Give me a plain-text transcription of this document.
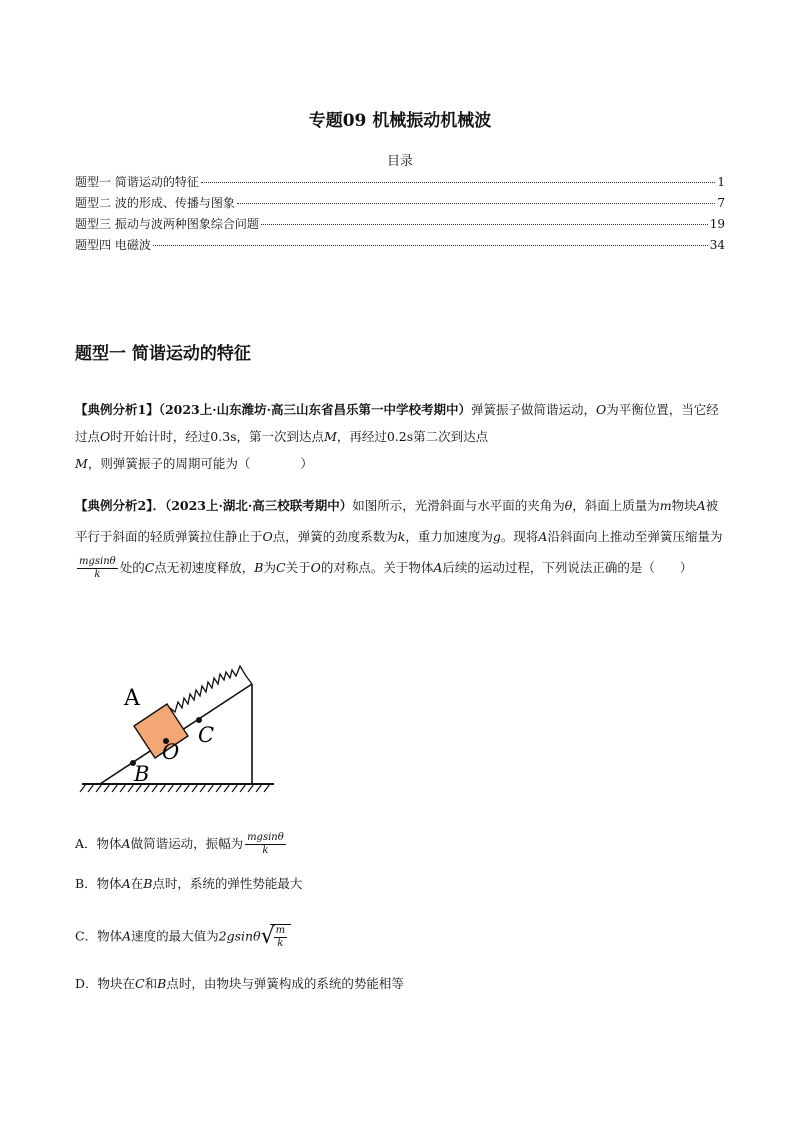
专题09 机械振动机械波
目录
题型一 简谐运动的特征	1
题型二 波的形成、传播与图象	7
题型三 振动与波两种图象综合问题	19
题型四 电磁波	34
题型一 简谐运动的特征
【典例分析1】（2023上·山东潍坊·高三山东省昌乐第一中学校考期中）弹簧振子做简谐运动，O为平衡位置，当它经过点O时开始计时，经过0.3s，第一次到达点M，再经过0.2s第二次到达点M，则弹簧振子的周期可能为（　　　　）
【典例分析2】．（2023上·湖北·高三校联考期中）如图所示，光滑斜面与水平面的夹角为θ，斜面上质量为m物块A被平行于斜面的轻质弹簧拉住静止于O点，弹簧的劲度系数为k，重力加速度为g。现将A沿斜面向上推动至弹簧压缩量为
$\frac{mgsin\theta}{k}$ 处的C点无初速度释放，B为C关于O的对称点。关于物体A后续的运动过程，下列说法正确的是（　　）
A
O
C
B
A．物体A做简谐运动，振幅为 $\frac{mgsin\theta}{k}$
B．物体A在B点时，系统的弹性势能最大
C．物体A速度的最大值为2gsinθ √
$\frac{m}{k}$
D．物块在C和B点时，由物块与弹簧构成的系统的势能相等
